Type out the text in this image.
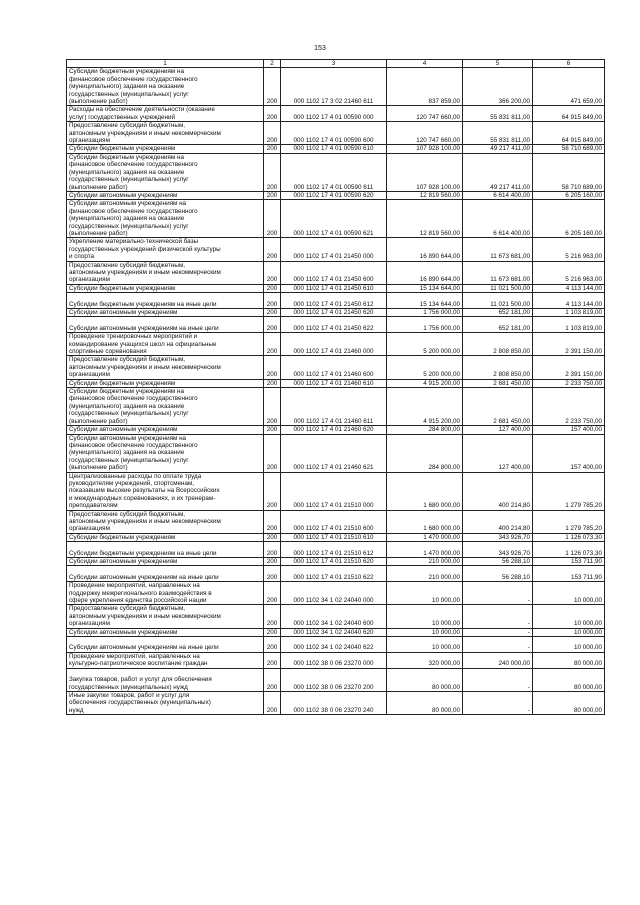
153
1	2	3	4	5	6

Субсидии бюджетным учреждениям на
финансовое обеспечение государственного
(муниципального) задания на оказание
государственных (муниципальных) услуг
(выполнение работ)	200	000 1102 17 3 02 21460 611	837 859,00	366 200,00	471 659,00

Расходы на обеспечение деятельности (оказание
услуг) государственных учреждений	200	000 1102 17 4 01 00590 000	120 747 660,00	55 831 811,00	64 915 849,00

Предоставление субсидий бюджетным,
автономным учреждениям и иным некоммерческим
организациям	200	000 1102 17 4 01 00590 600	120 747 660,00	55 831 811,00	64 915 849,00

Субсидии бюджетным учреждениям	200	000 1102 17 4 01 00590 610	107 928 100,00	49 217 411,00	58 710 689,00

Субсидии бюджетным учреждениям на
финансовое обеспечение государственного
(муниципального) задания на оказание
государственных (муниципальных) услуг
(выполнение работ)	200	000 1102 17 4 01 00590 611	107 928 100,00	49 217 411,00	58 710 689,00

Субсидии автономным учреждениям	200	000 1102 17 4 01 00590 620	12 819 560,00	6 614 400,00	6 205 160,00

Субсидии автономным учреждениям на
финансовое обеспечение государственного
(муниципального) задания на оказание
государственных (муниципальных) услуг
(выполнение работ)	200	000 1102 17 4 01 00590 621	12 819 560,00	6 614 400,00	6 205 160,00

Укрепление материально-технической базы
государственных учреждений физической культуры
и спорта	200	000 1102 17 4 01 21450 000	16 890 644,00	11 673 681,00	5 216 963,00

Предоставление субсидий бюджетным,
автономным учреждениям и иным некоммерческим
организациям	200	000 1102 17 4 01 21450 600	16 890 644,00	11 673 681,00	5 216 963,00

Субсидии бюджетным учреждениям	200	000 1102 17 4 01 21450 610	15 134 644,00	11 021 500,00	4 113 144,00

Субсидии бюджетным учреждениям на иные цели	200	000 1102 17 4 01 21450 612	15 134 644,00	11 021 500,00	4 113 144,00

Субсидии автономным учреждениям	200	000 1102 17 4 01 21450 620	1 756 000,00	652 181,00	1 103 819,00

Субсидии автономным учреждениям на иные цели	200	000 1102 17 4 01 21450 622	1 756 000,00	652 181,00	1 103 819,00

Проведение тренировочных мероприятий и
командирование учащихся школ на официальные
спортивные соревнования	200	000 1102 17 4 01 21460 000	5 200 000,00	2 808 850,00	2 391 150,00

Предоставление субсидий бюджетным,
автономным учреждениям и иным некоммерческим
организациям	200	000 1102 17 4 01 21460 600	5 200 000,00	2 808 850,00	2 391 150,00

Субсидии бюджетным учреждениям	200	000 1102 17 4 01 21460 610	4 915 200,00	2 681 450,00	2 233 750,00

Субсидии бюджетным учреждениям на
финансовое обеспечение государственного
(муниципального) задания на оказание
государственных (муниципальных) услуг
(выполнение работ)	200	000 1102 17 4 01 21460 611	4 915 200,00	2 681 450,00	2 233 750,00

Субсидии автономным учреждениям	200	000 1102 17 4 01 21460 620	284 800,00	127 400,00	157 400,00

Субсидии автономным учреждениям на
финансовое обеспечение государственного
(муниципального) задания на оказание
государственных (муниципальных) услуг
(выполнение работ)	200	000 1102 17 4 01 21460 621	284 800,00	127 400,00	157 400,00

Централизованные расходы по оплате труда
руководителям учреждений, спортсменам,
показавшим высокие результаты на Всероссийских
и международных соревнованиях, и их тренерам-
преподавателям	200	000 1102 17 4 01 21510 000	1 680 000,00	400 214,80	1 279 785,20

Предоставление субсидий бюджетным,
автономным учреждениям и иным некоммерческим
организациям	200	000 1102 17 4 01 21510 600	1 680 000,00	400 214,80	1 279 785,20

Субсидии бюджетным учреждениям	200	000 1102 17 4 01 21510 610	1 470 000,00	343 926,70	1 126 073,30

Субсидии бюджетным учреждениям на иные цели	200	000 1102 17 4 01 21510 612	1 470 000,00	343 926,70	1 126 073,30

Субсидии автономным учреждениям	200	000 1102 17 4 01 21510 620	210 000,00	56 288,10	153 711,90

Субсидии автономным учреждениям на иные цели	200	000 1102 17 4 01 21510 622	210 000,00	56 288,10	153 711,90

Проведение мероприятий, направленных на
поддержку межрегионального взаимодействия в
сфере укрепления единства российской нации	200	000 1102 34 1 02 24040 000	10 000,00	-	10 000,00

Предоставление субсидий бюджетным,
автономным учреждениям и иным некоммерческим
организациям	200	000 1102 34 1 02 24040 600	10 000,00	-	10 000,00

Субсидии автономным учреждениям	200	000 1102 34 1 02 24040 620	10 000,00	-	10 000,00

Субсидии автономным учреждениям на иные цели	200	000 1102 34 1 02 24040 622	10 000,00	-	10 000,00

Проведение мероприятий, направленных на
культурно-патриотическое воспитание граждан	200	000 1102 38 0 06 23270 000	320 000,00	240 000,00	80 000,00

Закупка товаров, работ и услуг для обеспечения
государственных (муниципальных) нужд	200	000 1102 38 0 06 23270 200	80 000,00	-	80 000,00

Иные закупки товаров, работ и услуг для
обеспечения государственных (муниципальных)
нужд	200	000 1102 38 0 06 23270 240	80 000,00	-	80 000,00
